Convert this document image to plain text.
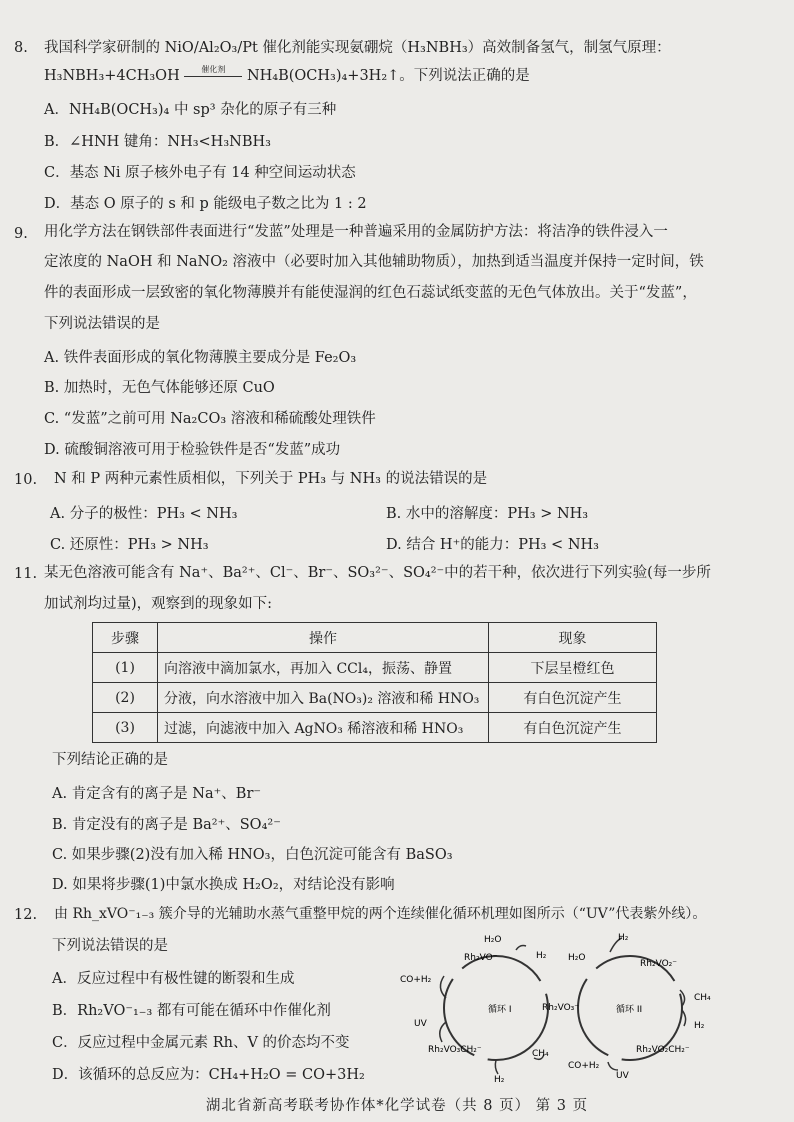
8. 我国科学家研制的 NiO/Al₂O₃/Pt 催化剂能实现氨硼烷（H₃NBH₃）高效制备氢气，制氢气原理：
H₃NBH₃+4CH₃OH	催化剂	NH₄B(OCH₃)₄+3H₂↑。下列说法正确的是
A．NH₄B(OCH₃)₄ 中 sp³ 杂化的原子有三种
B．∠HNH 键角：NH₃<H₃NBH₃
C．基态 Ni 原子核外电子有 14 种空间运动状态
D．基态 O 原子的 s 和 p 能级电子数之比为 1 : 2
9. 用化学方法在钢铁部件表面进行“发蓝”处理是一种普遍采用的金属防护方法：将洁净的铁件浸入一
定浓度的 NaOH 和 NaNO₂ 溶液中（必要时加入其他辅助物质），加热到适当温度并保持一定时间，铁
件的表面形成一层致密的氧化物薄膜并有能使湿润的红色石蕊试纸变蓝的无色气体放出。关于“发蓝”，
下列说法错误的是
A. 铁件表面形成的氧化物薄膜主要成分是 Fe₂O₃
B. 加热时，无色气体能够还原 CuO
C. “发蓝”之前可用 Na₂CO₃ 溶液和稀硫酸处理铁件
D. 硫酸铜溶液可用于检验铁件是否“发蓝”成功
10. N 和 P 两种元素性质相似，下列关于 PH₃ 与 NH₃ 的说法错误的是
A. 分子的极性：PH₃ < NH₃	B. 水中的溶解度：PH₃ > NH₃
C. 还原性：PH₃ > NH₃	D. 结合 H⁺的能力：PH₃ < NH₃
11. 某无色溶液可能含有 Na⁺、Ba²⁺、Cl⁻、Br⁻、SO₃²⁻、SO₄²⁻中的若干种，依次进行下列实验(每一步所
加试剂均过量)，观察到的现象如下:
步骤	操作	现象
(1)	向溶液中滴加氯水，再加入 CCl₄，振荡、静置	下层呈橙红色
(2)	分液，向水溶液中加入 Ba(NO₃)₂ 溶液和稀 HNO₃	有白色沉淀产生
(3)	过滤，向滤液中加入 AgNO₃ 稀溶液和稀 HNO₃	有白色沉淀产生
下列结论正确的是
A. 肯定含有的离子是 Na⁺、Br⁻
B. 肯定没有的离子是 Ba²⁺、SO₄²⁻
C. 如果步骤(2)没有加入稀 HNO₃，白色沉淀可能含有 BaSO₃
D. 如果将步骤(1)中氯水换成 H₂O₂，对结论没有影响
12. 由 Rh_xVO⁻₁₋₃ 簇介导的光辅助水蒸气重整甲烷的两个连续催化循环机理如图所示（“UV”代表紫外线）。
下列说法错误的是
A．反应过程中有极性键的断裂和生成
B．Rh₂VO⁻₁₋₃ 都有可能在循环中作催化剂
C．反应过程中金属元素 Rh、V 的价态均不变
D．该循环的总反应为：CH₄+H₂O = CO+3H₂
H₂O
Rh₂VO⁻	H₂
CO+H₂
UV
Rh₂VO₃CH₂⁻	CH₄
H₂
Rh₂VO₃⁻
循环 I	循环 II
H₂
H₂O
Rh₂VO₂⁻
CH₄
H₂
Rh₂VO₂CH₂⁻
CO+H₂
UV
湖北省新高考联考协作体*化学试卷（共 8 页） 第 3 页
